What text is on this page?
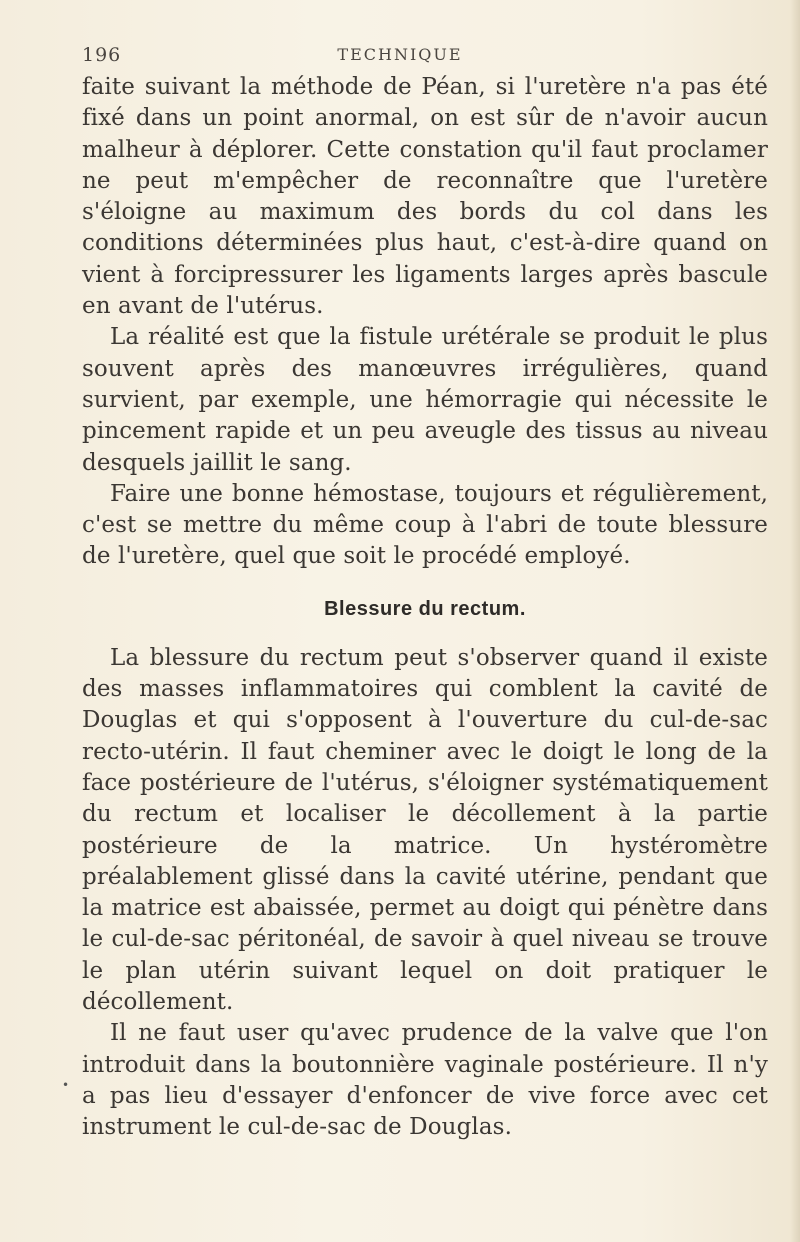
196	TECHNIQUE

faite suivant la méthode de Péan, si l'uretère n'a pas été fixé dans un point anormal, on est sûr de n'avoir aucun malheur à déplorer. Cette constation qu'il faut proclamer ne peut m'empêcher de reconnaître que l'uretère s'éloigne au maximum des bords du col dans les conditions déterminées plus haut, c'est-à-dire quand on vient à forcipressurer les ligaments larges après bascule en avant de l'utérus.

La réalité est que la fistule urétérale se produit le plus souvent après des manœuvres irrégulières, quand survient, par exemple, une hémorragie qui nécessite le pincement rapide et un peu aveugle des tissus au niveau desquels jaillit le sang.

Faire une bonne hémostase, toujours et régulièrement, c'est se mettre du même coup à l'abri de toute blessure de l'uretère, quel que soit le procédé employé.

Blessure du rectum.

La blessure du rectum peut s'observer quand il existe des masses inflammatoires qui comblent la cavité de Douglas et qui s'opposent à l'ouverture du cul-de-sac recto-utérin. Il faut cheminer avec le doigt le long de la face postérieure de l'utérus, s'éloigner systématiquement du rectum et localiser le décollement à la partie postérieure de la matrice. Un hystéromètre préalablement glissé dans la cavité utérine, pendant que la matrice est abaissée, permet au doigt qui pénètre dans le cul-de-sac péritonéal, de savoir à quel niveau se trouve le plan utérin suivant lequel on doit pratiquer le décollement.

Il ne faut user qu'avec prudence de la valve que l'on introduit dans la boutonnière vaginale postérieure. Il n'y a pas lieu d'essayer d'enfoncer de vive force avec cet instrument le cul-de-sac de Douglas.

•
